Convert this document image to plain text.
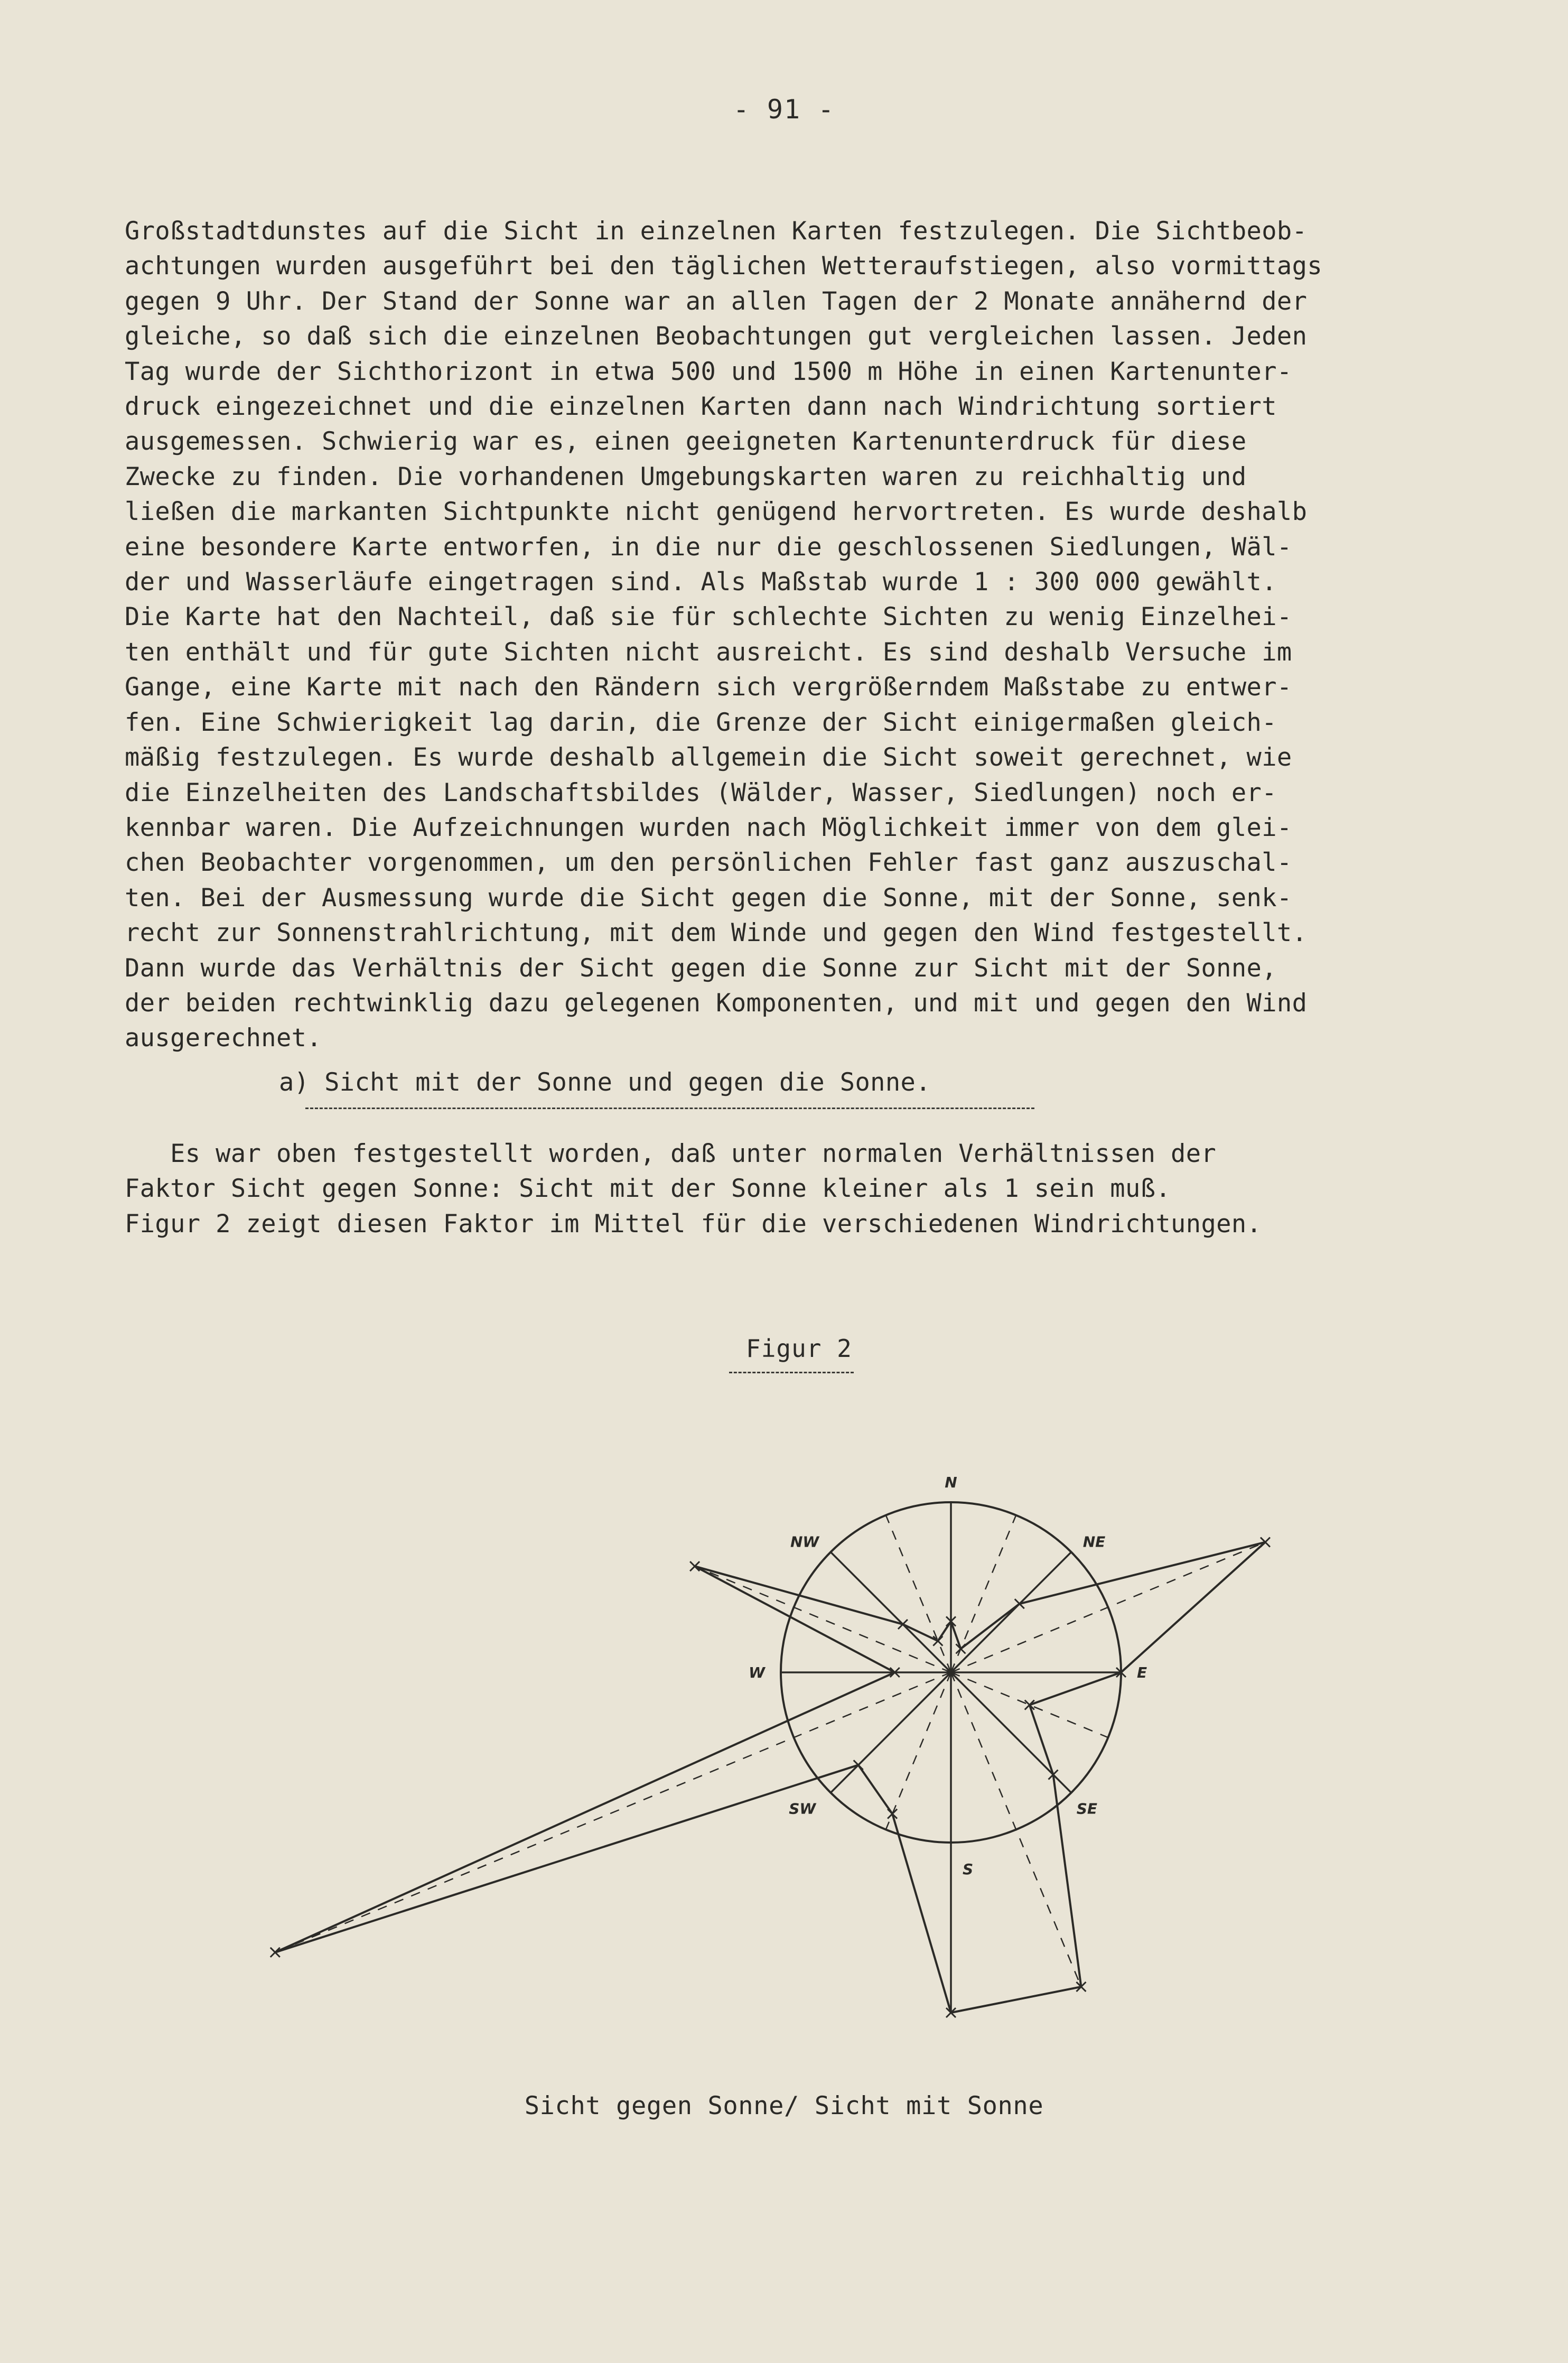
- 91 -
Großstadtdunstes auf die Sicht in einzelnen Karten festzulegen. Die Sichtbeob-
achtungen wurden ausgeführt bei den täglichen Wetteraufstiegen, also vormittags
gegen 9 Uhr. Der Stand der Sonne war an allen Tagen der 2 Monate annähernd der
gleiche, so daß sich die einzelnen Beobachtungen gut vergleichen lassen. Jeden
Tag wurde der Sichthorizont in etwa 500 und 1500 m Höhe in einen Kartenunter-
druck eingezeichnet und die einzelnen Karten dann nach Windrichtung sortiert
ausgemessen. Schwierig war es, einen geeigneten Kartenunterdruck für diese
Zwecke zu finden. Die vorhandenen Umgebungskarten waren zu reichhaltig und
ließen die markanten Sichtpunkte nicht genügend hervortreten. Es wurde deshalb
eine besondere Karte entworfen, in die nur die geschlossenen Siedlungen, Wäl-
der und Wasserläufe eingetragen sind. Als Maßstab wurde 1 : 300 000 gewählt.
Die Karte hat den Nachteil, daß sie für schlechte Sichten zu wenig Einzelhei-
ten enthält und für gute Sichten nicht ausreicht. Es sind deshalb Versuche im
Gange, eine Karte mit nach den Rändern sich vergrößerndem Maßstabe zu entwer-
fen. Eine Schwierigkeit lag darin, die Grenze der Sicht einigermaßen gleich-
mäßig festzulegen. Es wurde deshalb allgemein die Sicht soweit gerechnet, wie
die Einzelheiten des Landschaftsbildes (Wälder, Wasser, Siedlungen) noch er-
kennbar waren. Die Aufzeichnungen wurden nach Möglichkeit immer von dem glei-
chen Beobachter vorgenommen, um den persönlichen Fehler fast ganz auszuschal-
ten. Bei der Ausmessung wurde die Sicht gegen die Sonne, mit der Sonne, senk-
recht zur Sonnenstrahlrichtung, mit dem Winde und gegen den Wind festgestellt.
Dann wurde das Verhältnis der Sicht gegen die Sonne zur Sicht mit der Sonne,
der beiden rechtwinklig dazu gelegenen Komponenten, und mit und gegen den Wind
ausgerechnet.
a) Sicht mit der Sonne und gegen die Sonne.
Es war oben festgestellt worden, daß unter normalen Verhältnissen der
Faktor Sicht gegen Sonne: Sicht mit der Sonne kleiner als 1 sein muß.
Figur 2 zeigt diesen Faktor im Mittel für die verschiedenen Windrichtungen.
Figur 2
N
NE
E
SE
S
SW
W
NW
Sicht gegen Sonne/ Sicht mit Sonne
